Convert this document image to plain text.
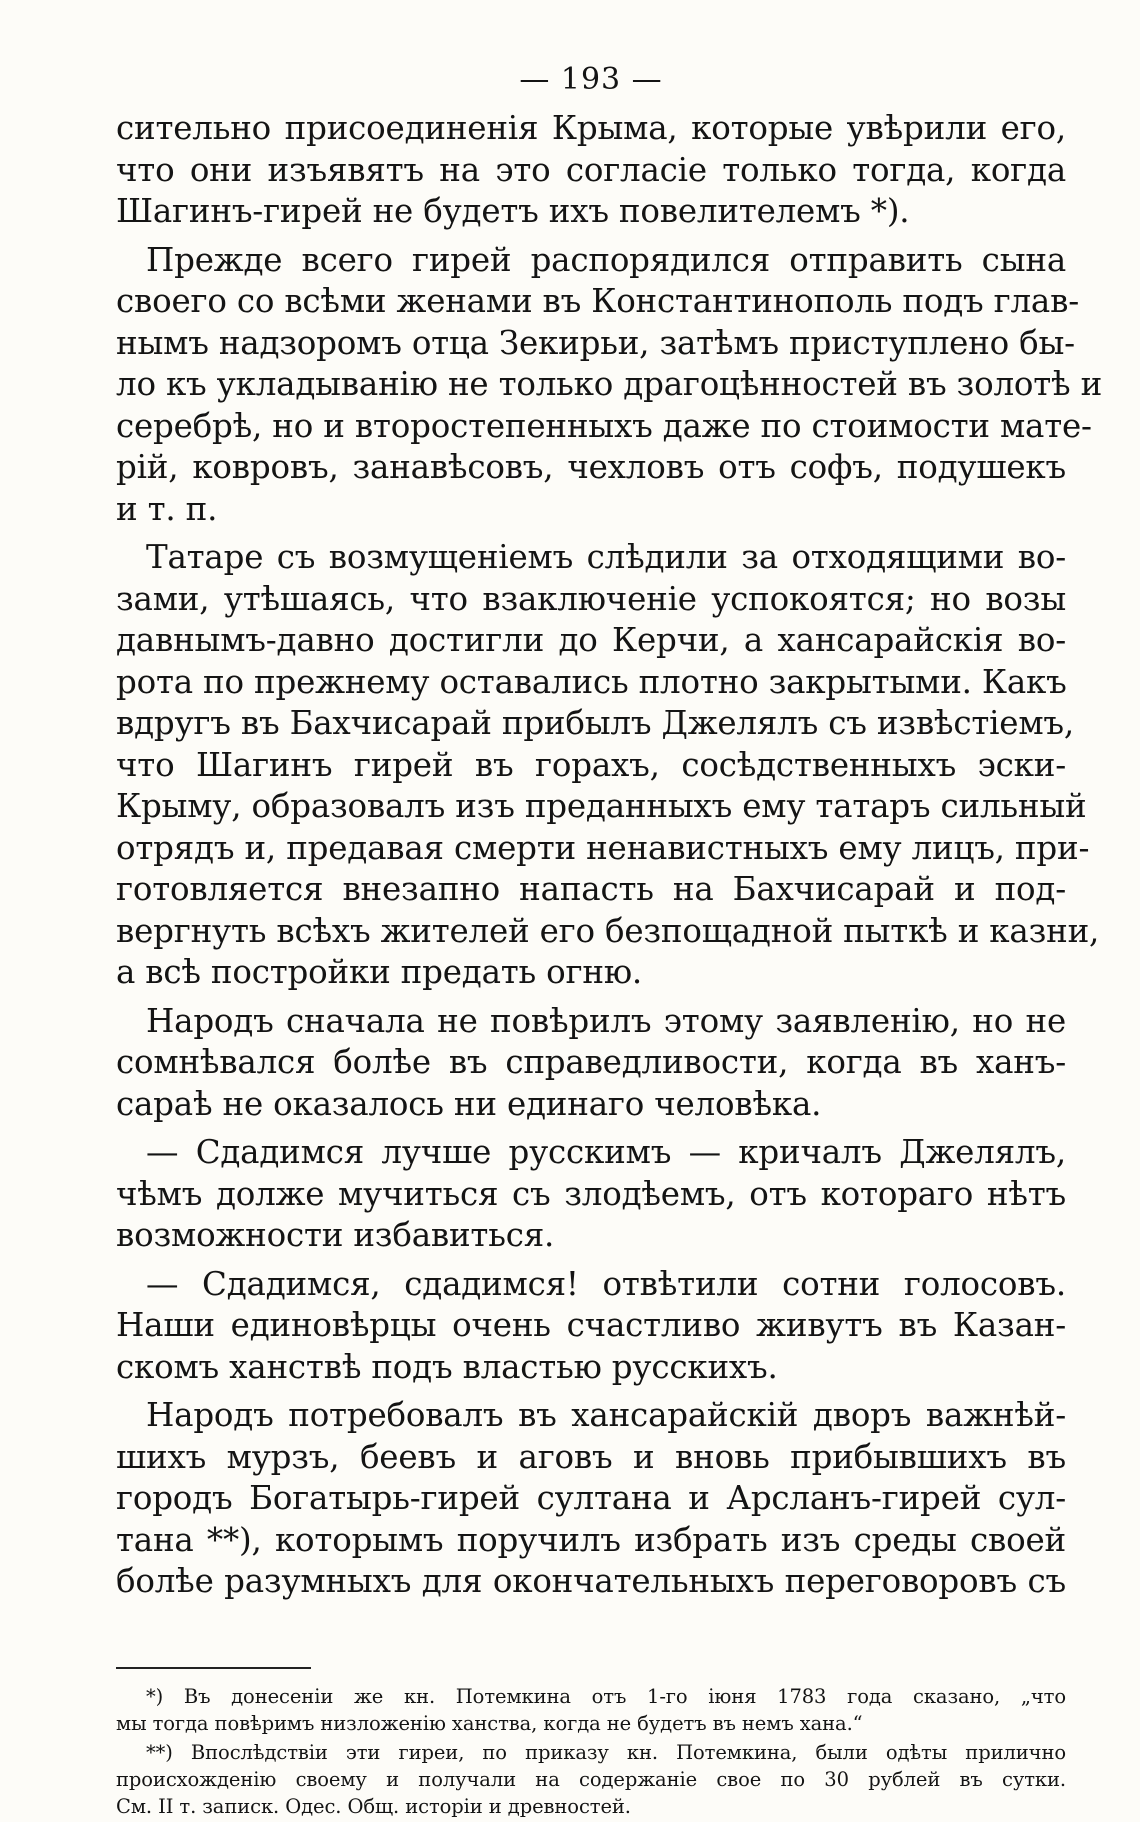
— 193 —

сительно присоединенія Крыма, которые увѣрили его,
что они изъявятъ на это согласіе только тогда, когда
Шагинъ-гирей не будетъ ихъ повелителемъ *).

Прежде всего гирей распорядился отправить сына
своего со всѣми женами въ Константинополь подъ глав-
нымъ надзоромъ отца Зекирьи, затѣмъ приступлено бы-
ло къ укладыванію не только драгоцѣнностей въ золотѣ и
серебрѣ, но и второстепенныхъ даже по стоимости мате-
рій, ковровъ, занавѣсовъ, чехловъ отъ софъ, подушекъ
и т. п.

Татаре съ возмущеніемъ слѣдили за отходящими во-
зами, утѣшаясь, что взаключеніе успокоятся; но возы
давнымъ-давно достигли до Керчи, а хансарайскія во-
рота по прежнему оставались плотно закрытыми. Какъ
вдругъ въ Бахчисарай прибылъ Джелялъ съ извѣстіемъ,
что Шагинъ гирей въ горахъ, сосѣдственныхъ эски-
Крыму, образовалъ изъ преданныхъ ему татаръ сильный
отрядъ и, предавая смерти ненавистныхъ ему лицъ, при-
готовляется внезапно напасть на Бахчисарай и под-
вергнуть всѣхъ жителей его безпощадной пыткѣ и казни,
а всѣ постройки предать огню.

Народъ сначала не повѣрилъ этому заявленію, но не
сомнѣвался болѣе въ справедливости, когда въ ханъ-
сараѣ не оказалось ни единаго человѣка.

— Сдадимся лучше русскимъ — кричалъ Джелялъ,
чѣмъ долже мучиться съ злодѣемъ, отъ котораго нѣтъ
возможности избавиться.

— Сдадимся, сдадимся! отвѣтили сотни голосовъ.
Наши единовѣрцы очень счастливо живутъ въ Казан-
скомъ ханствѣ подъ властью русскихъ.

Народъ потребовалъ въ хансарайскій дворъ важнѣй-
шихъ мурзъ, беевъ и аговъ и вновь прибывшихъ въ
городъ Богатырь-гирей султана и Арсланъ-гирей сул-
тана **), которымъ поручилъ избрать изъ среды своей
болѣе разумныхъ для окончательныхъ переговоровъ съ

*) Въ донесеніи же кн. Потемкина отъ 1-го іюня 1783 года сказано, „что
мы тогда повѣримъ низложенію ханства, когда не будетъ въ немъ хана.“

**) Впослѣдствіи эти гиреи, по приказу кн. Потемкина, были одѣты прилично
происхожденію своему и получали на содержаніе свое по 30 рублей въ сутки.
См. II т. записк. Одес. Общ. исторіи и древностей.
